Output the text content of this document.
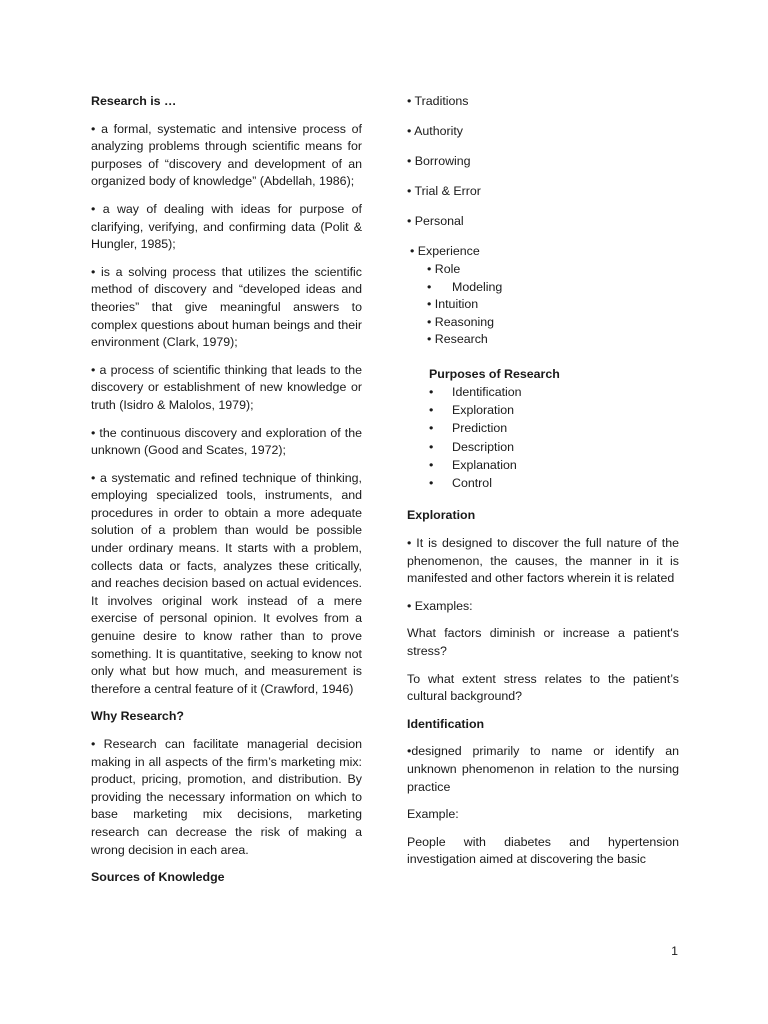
Research is …

• a formal, systematic and intensive process of analyzing problems through scientific means for purposes of “discovery and development of an organized body of knowledge” (Abdellah, 1986);

• a way of dealing with ideas for purpose of clarifying, verifying, and confirming data (Polit & Hungler, 1985);

• is a solving process that utilizes the scientific method of discovery and “developed ideas and theories” that give meaningful answers to complex questions about human beings and their environment (Clark, 1979);

• a process of scientific thinking that leads to the discovery or establishment of new knowledge or truth (Isidro & Malolos, 1979);

• the continuous discovery and exploration of the unknown (Good and Scates, 1972);

• a systematic and refined technique of thinking, employing specialized tools, instruments, and procedures in order to obtain a more adequate solution of a problem than would be possible under ordinary means. It starts with a problem, collects data or facts, analyzes these critically, and reaches decision based on actual evidences. It involves original work instead of a mere exercise of personal opinion. It evolves from a genuine desire to know rather than to prove something. It is quantitative, seeking to know not only what but how much, and measurement is therefore a central feature of it (Crawford, 1946)

Why Research?

• Research can facilitate managerial decision making in all aspects of the firm’s marketing mix: product, pricing, promotion, and distribution. By providing the necessary information on which to base marketing mix decisions, marketing research can decrease the risk of making a wrong decision in each area.

Sources of Knowledge

• Traditions
• Authority
• Borrowing
• Trial & Error
• Personal
• Experience
• Role
•      Modeling
• Intuition
• Reasoning
• Research
Purposes of Research
• Identification
• Exploration
• Prediction
• Description
• Explanation
• Control

Exploration

• It is designed to discover the full nature of the phenomenon, the causes, the manner in it is manifested and other factors wherein it is related

• Examples:

What factors diminish or increase a patient's stress?

To what extent stress relates to the patient’s cultural background?

Identification

•designed primarily to name or identify an unknown phenomenon in relation to the nursing practice

Example:

People with diabetes and hypertension investigation aimed at discovering the basic

1
